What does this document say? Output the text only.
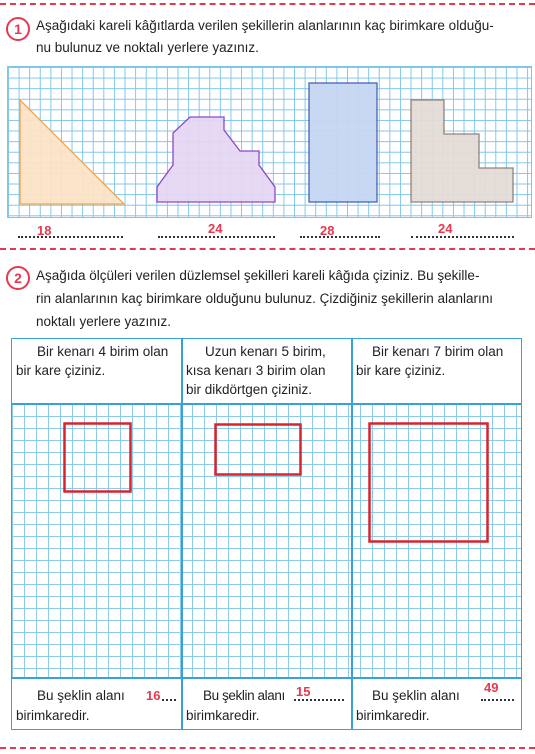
1	Aşağıdaki kareli kâğıtlarda verilen şekillerin alanlarının kaç birimkare olduğu-
nu bulunuz ve noktalı yerlere yazınız.
18	24	28	24
2	Aşağıda ölçüleri verilen düzlemsel şekilleri kareli kâğıda çiziniz. Bu şekille-
rin alanlarının kaç birimkare olduğunu bulunuz. Çizdiğiniz şekillerin alanlarını
noktalı yerlere yazınız.
Bir kenarı 4 birim olan
bir kare çiziniz.
Uzun kenarı 5 birim,
kısa kenarı 3 birim olan
bir dikdörtgen çiziniz.
Bir kenarı 7 birim olan
bir kare çiziniz.
Bu şeklin alanı 16
birimkaredir.
Bu şeklin alanı 15
birimkaredir.
Bu şeklin alanı
49
birimkaredir.
